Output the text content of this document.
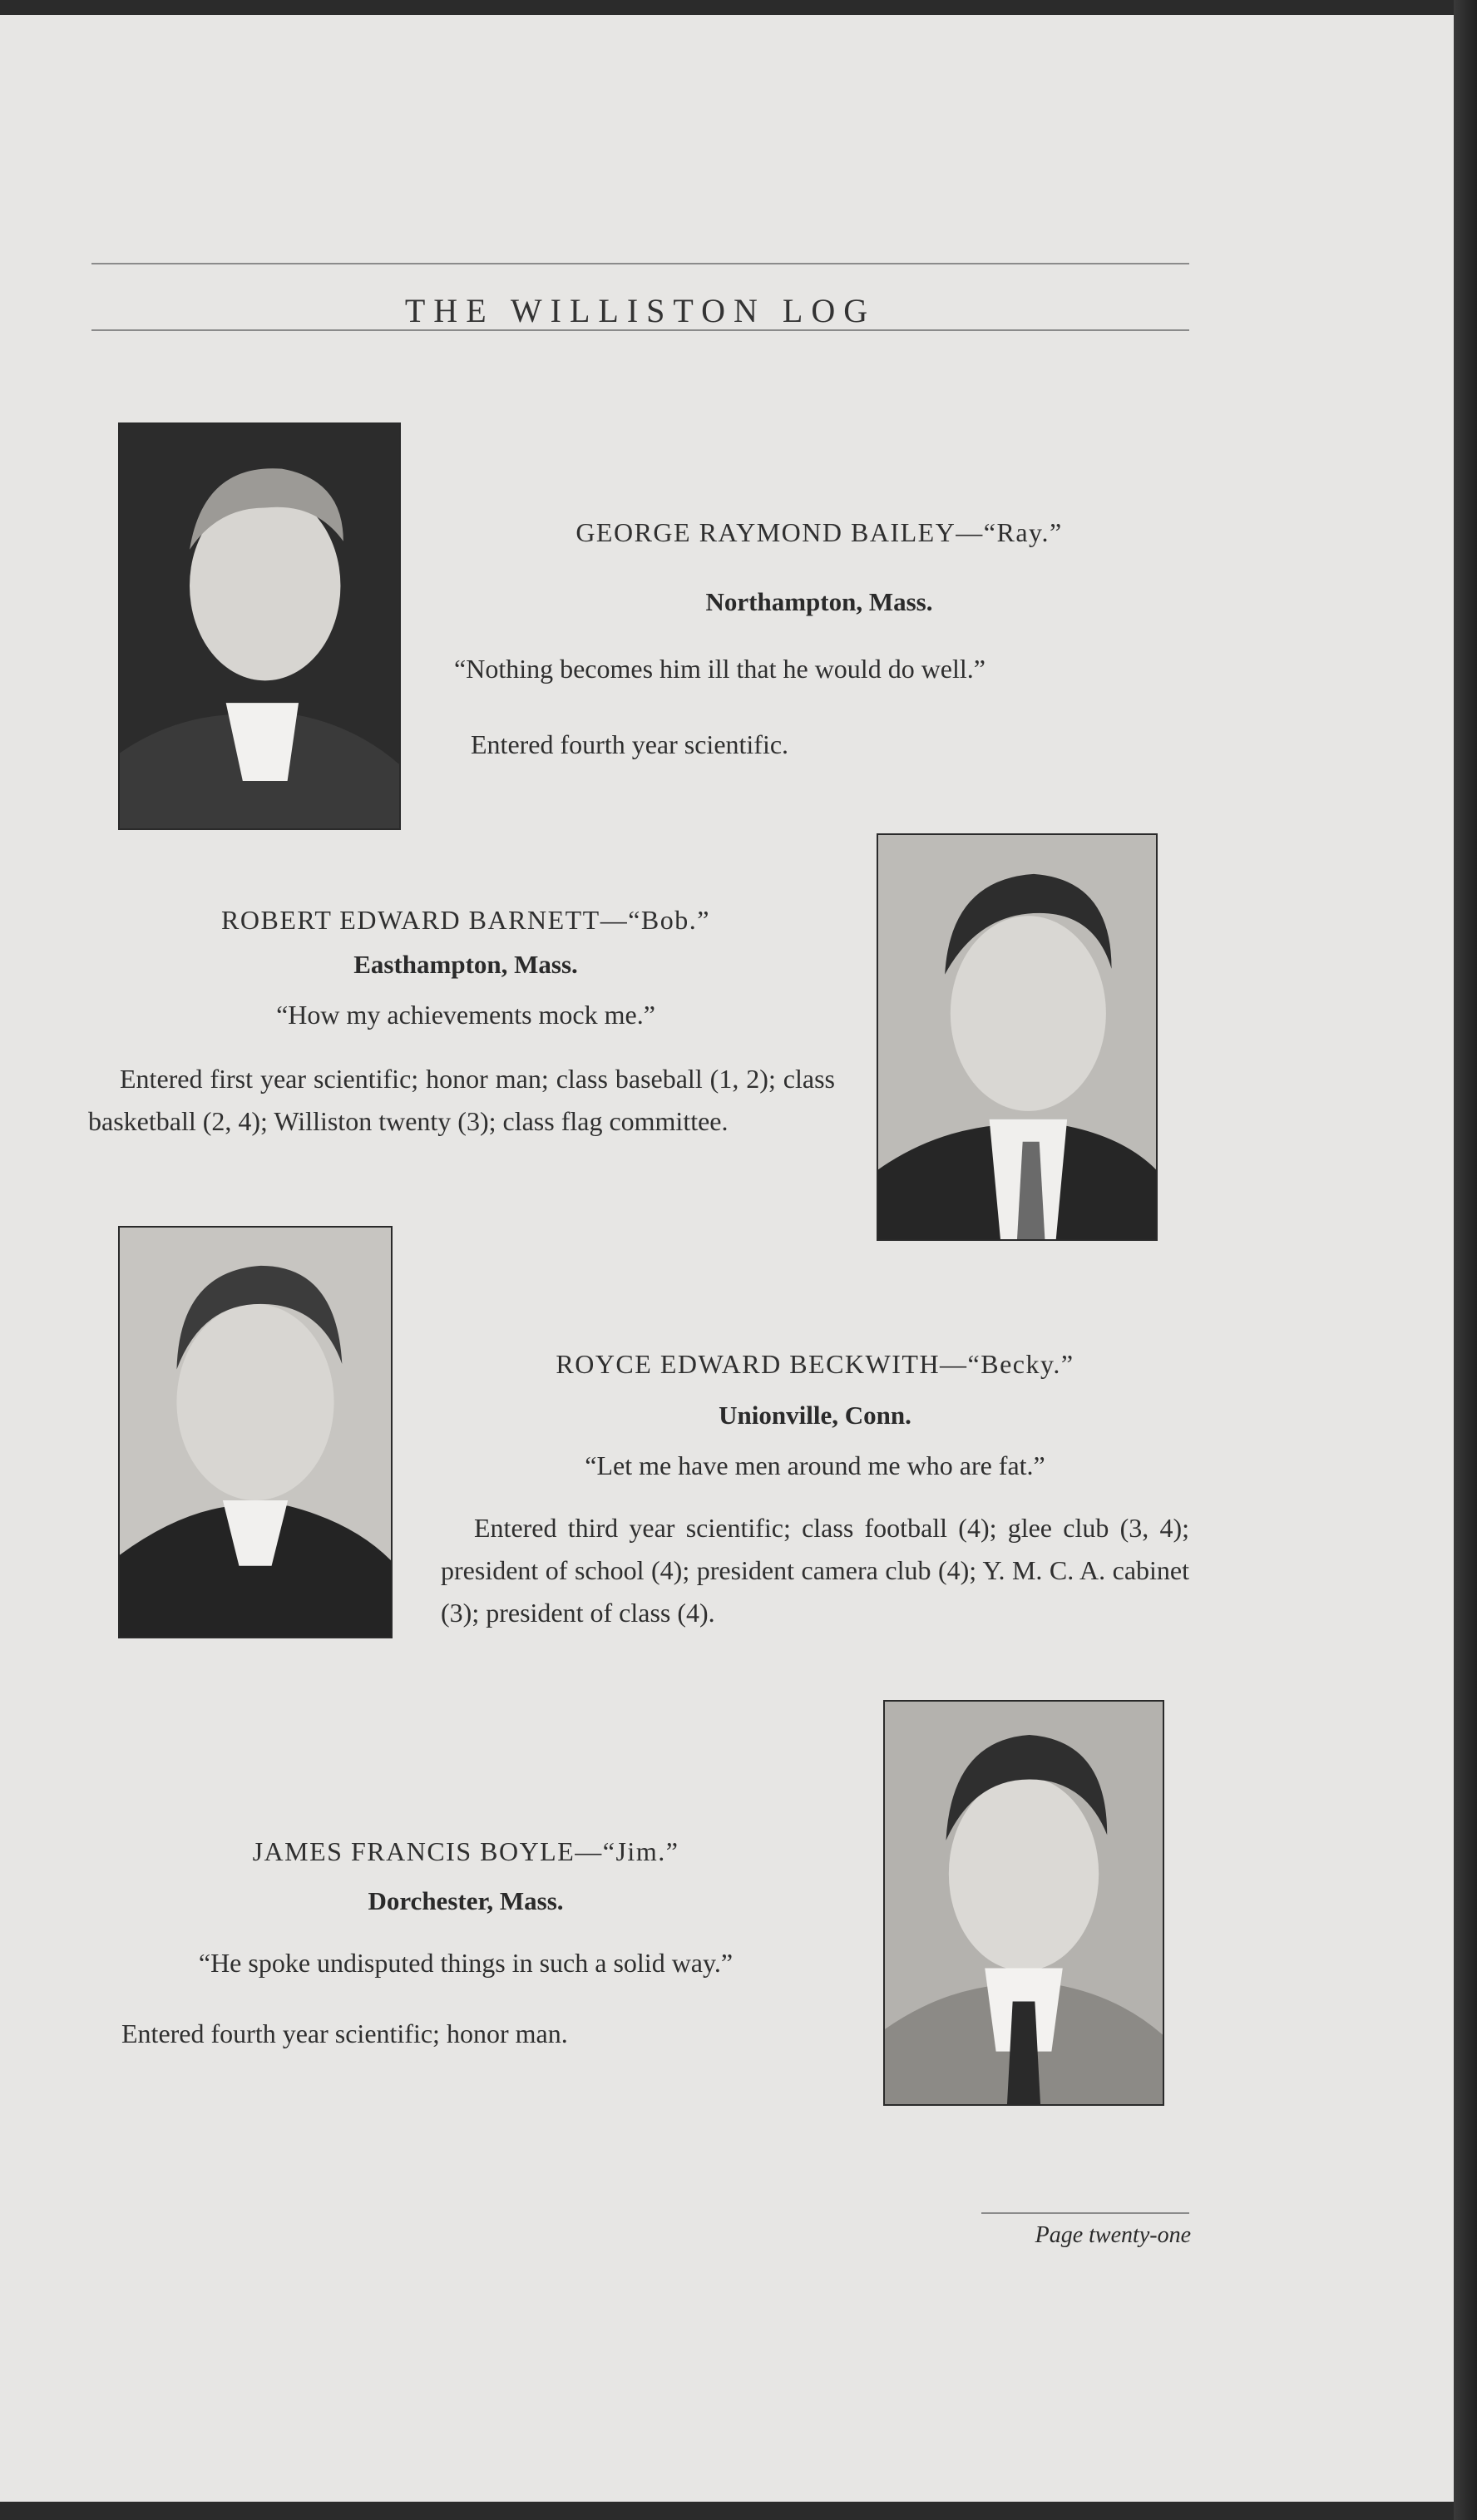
THE WILLISTON LOG
GEORGE RAYMOND BAILEY—“Ray.”
Northampton, Mass.
“Nothing becomes him ill that he would do well.”
Entered fourth year scientific.
ROBERT EDWARD BARNETT—“Bob.”
Easthampton, Mass.
“How my achievements mock me.”
Entered first year scientific; honor man; class baseball (1, 2); class basketball (2, 4); Williston twenty (3); class flag committee.
ROYCE EDWARD BECKWITH—“Becky.”
Unionville, Conn.
“Let me have men around me who are fat.”
Entered third year scientific; class football (4); glee club (3, 4); president of school (4); president camera club (4); Y. M. C. A. cabinet (3); president of class (4).
JAMES FRANCIS BOYLE—“Jim.”
Dorchester, Mass.
“He spoke undisputed things in such a solid way.”
Entered fourth year scientific; honor man.
Page twenty-one
